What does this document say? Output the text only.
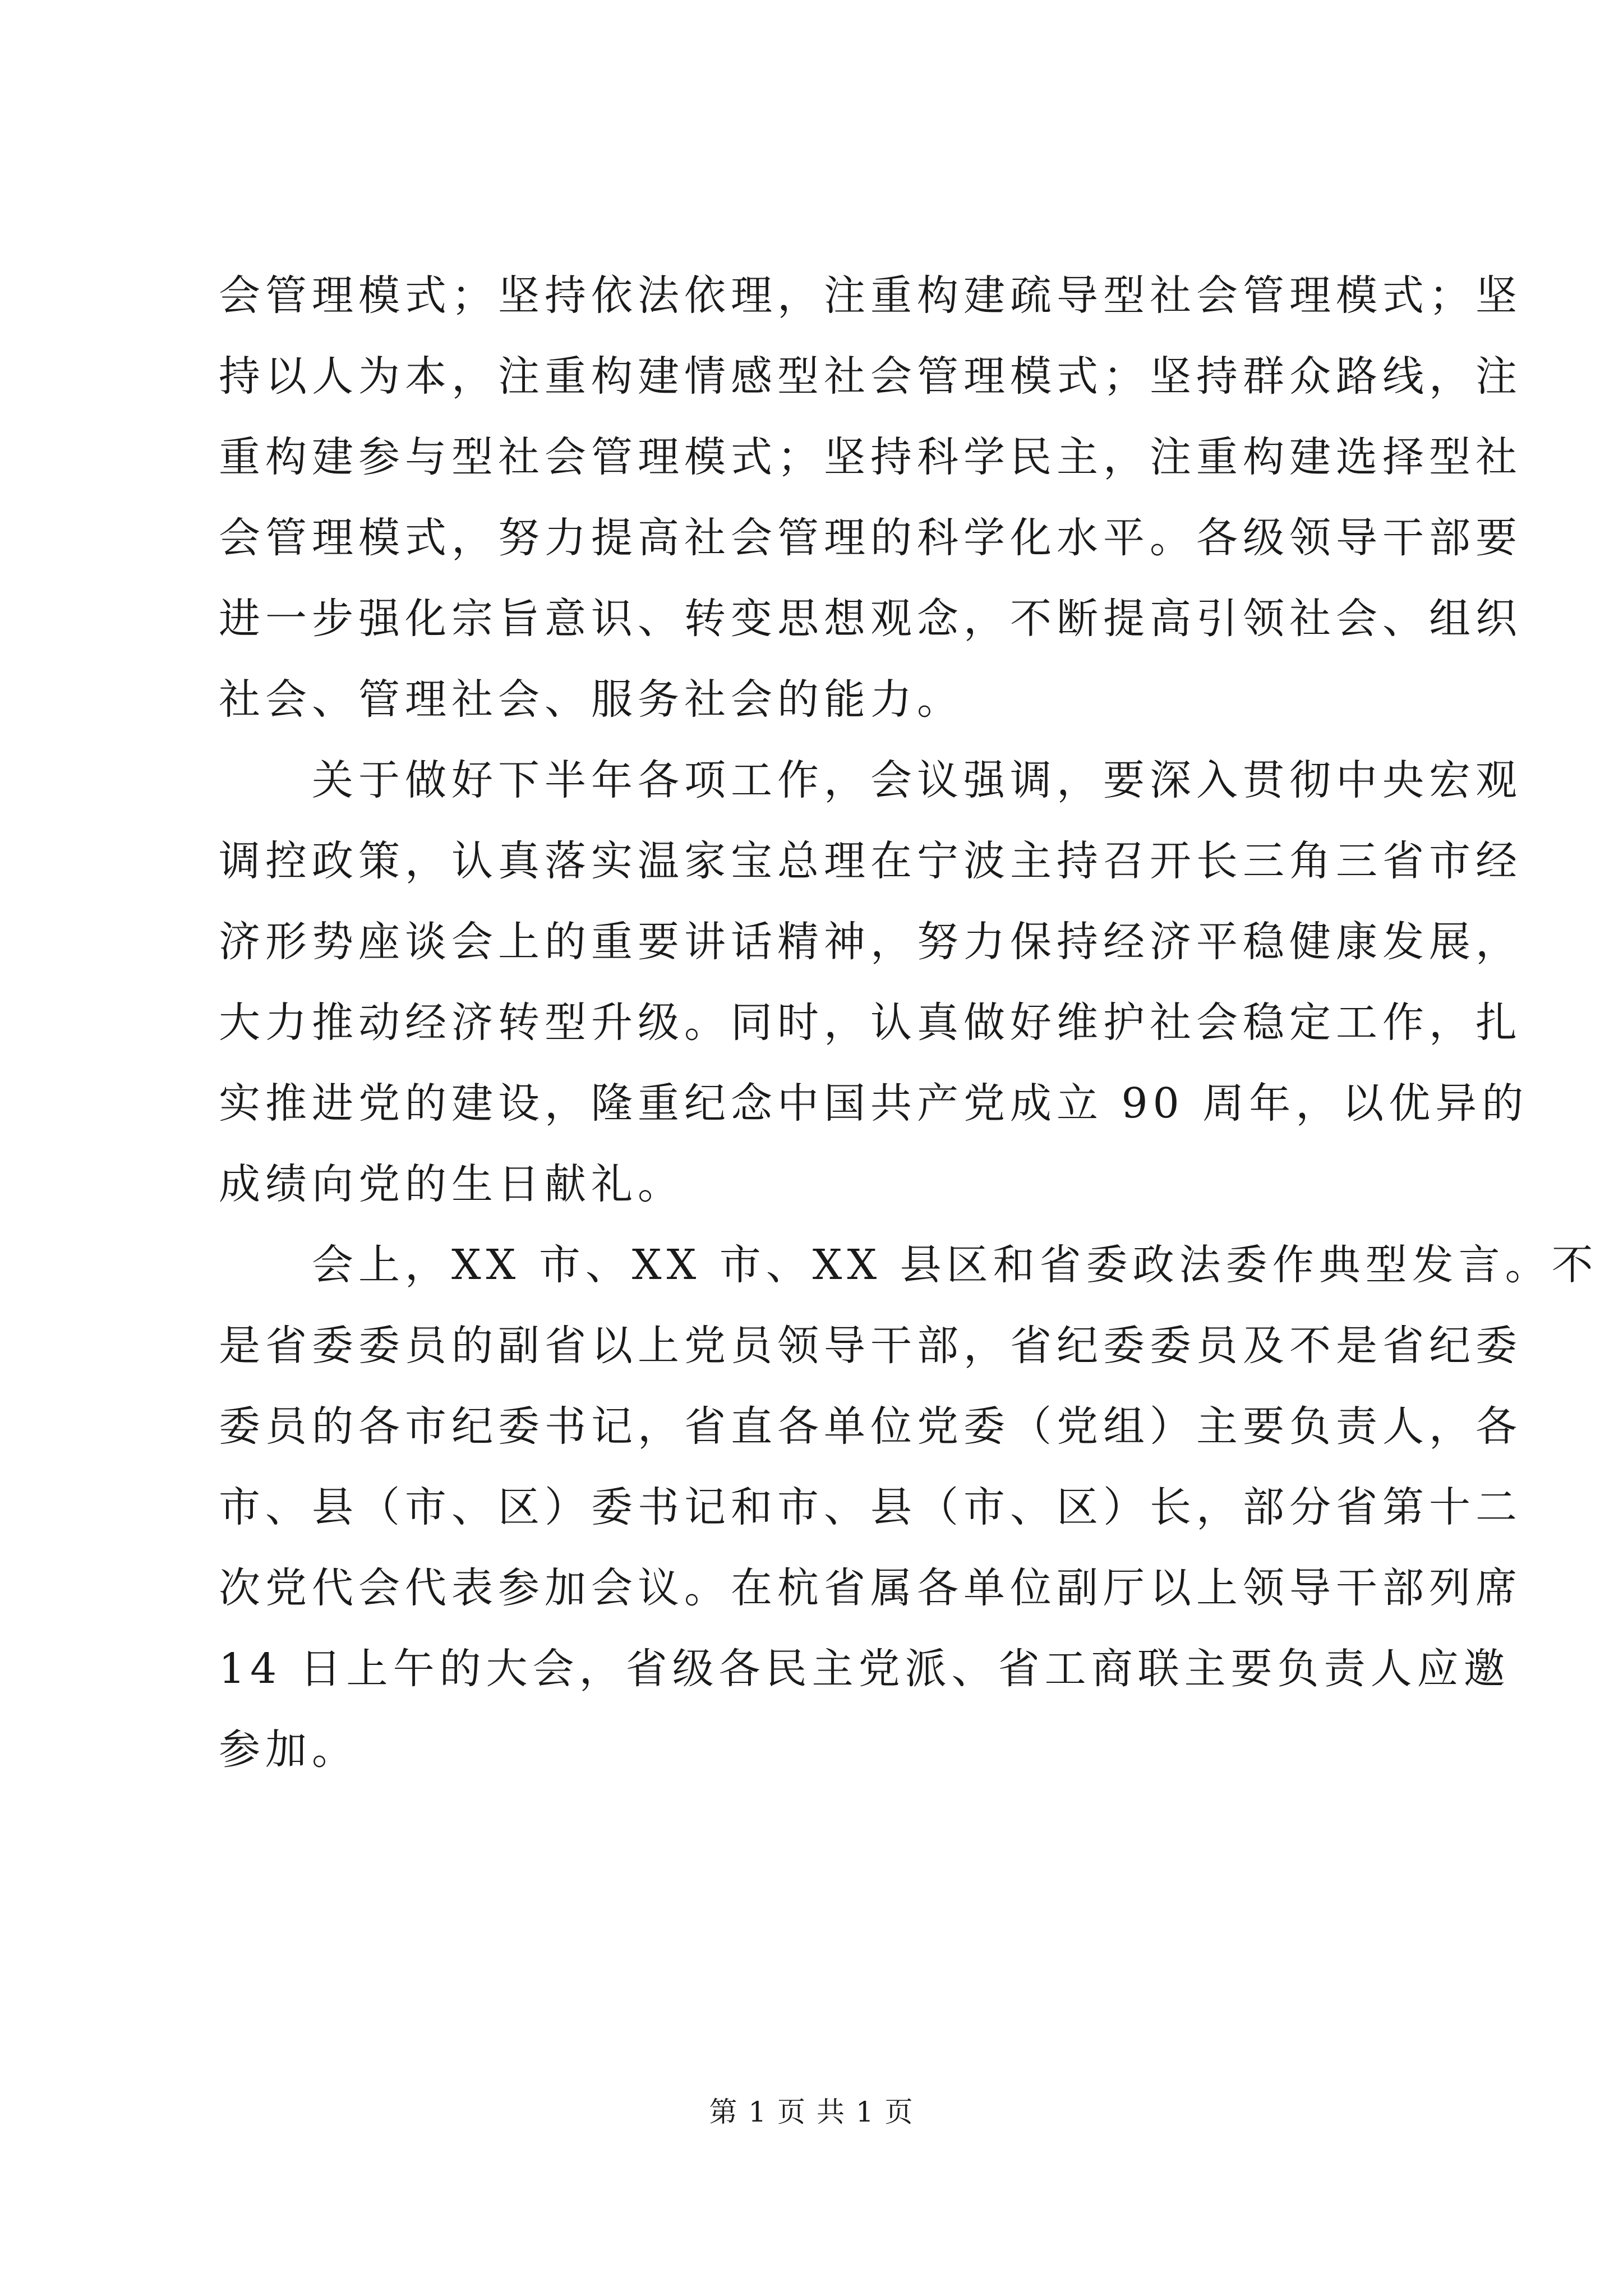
会管理模式；坚持依法依理，注重构建疏导型社会管理模式；坚
持以人为本，注重构建情感型社会管理模式；坚持群众路线，注
重构建参与型社会管理模式；坚持科学民主，注重构建选择型社
会管理模式，努力提高社会管理的科学化水平。各级领导干部要
进一步强化宗旨意识、转变思想观念，不断提高引领社会、组织
社会、管理社会、服务社会的能力。
　　关于做好下半年各项工作，会议强调，要深入贯彻中央宏观
调控政策，认真落实温家宝总理在宁波主持召开长三角三省市经
济形势座谈会上的重要讲话精神，努力保持经济平稳健康发展，
大力推动经济转型升级。同时，认真做好维护社会稳定工作，扎
实推进党的建设，隆重纪念中国共产党成立 90 周年，以优异的
成绩向党的生日献礼。
　　会上，XX 市、XX 市、XX 县区和省委政法委作典型发言。不
是省委委员的副省以上党员领导干部，省纪委委员及不是省纪委
委员的各市纪委书记，省直各单位党委（党组）主要负责人，各
市、县（市、区）委书记和市、县（市、区）长，部分省第十二
次党代会代表参加会议。在杭省属各单位副厅以上领导干部列席
14 日上午的大会，省级各民主党派、省工商联主要负责人应邀
参加。
第 1 页 共 1 页
